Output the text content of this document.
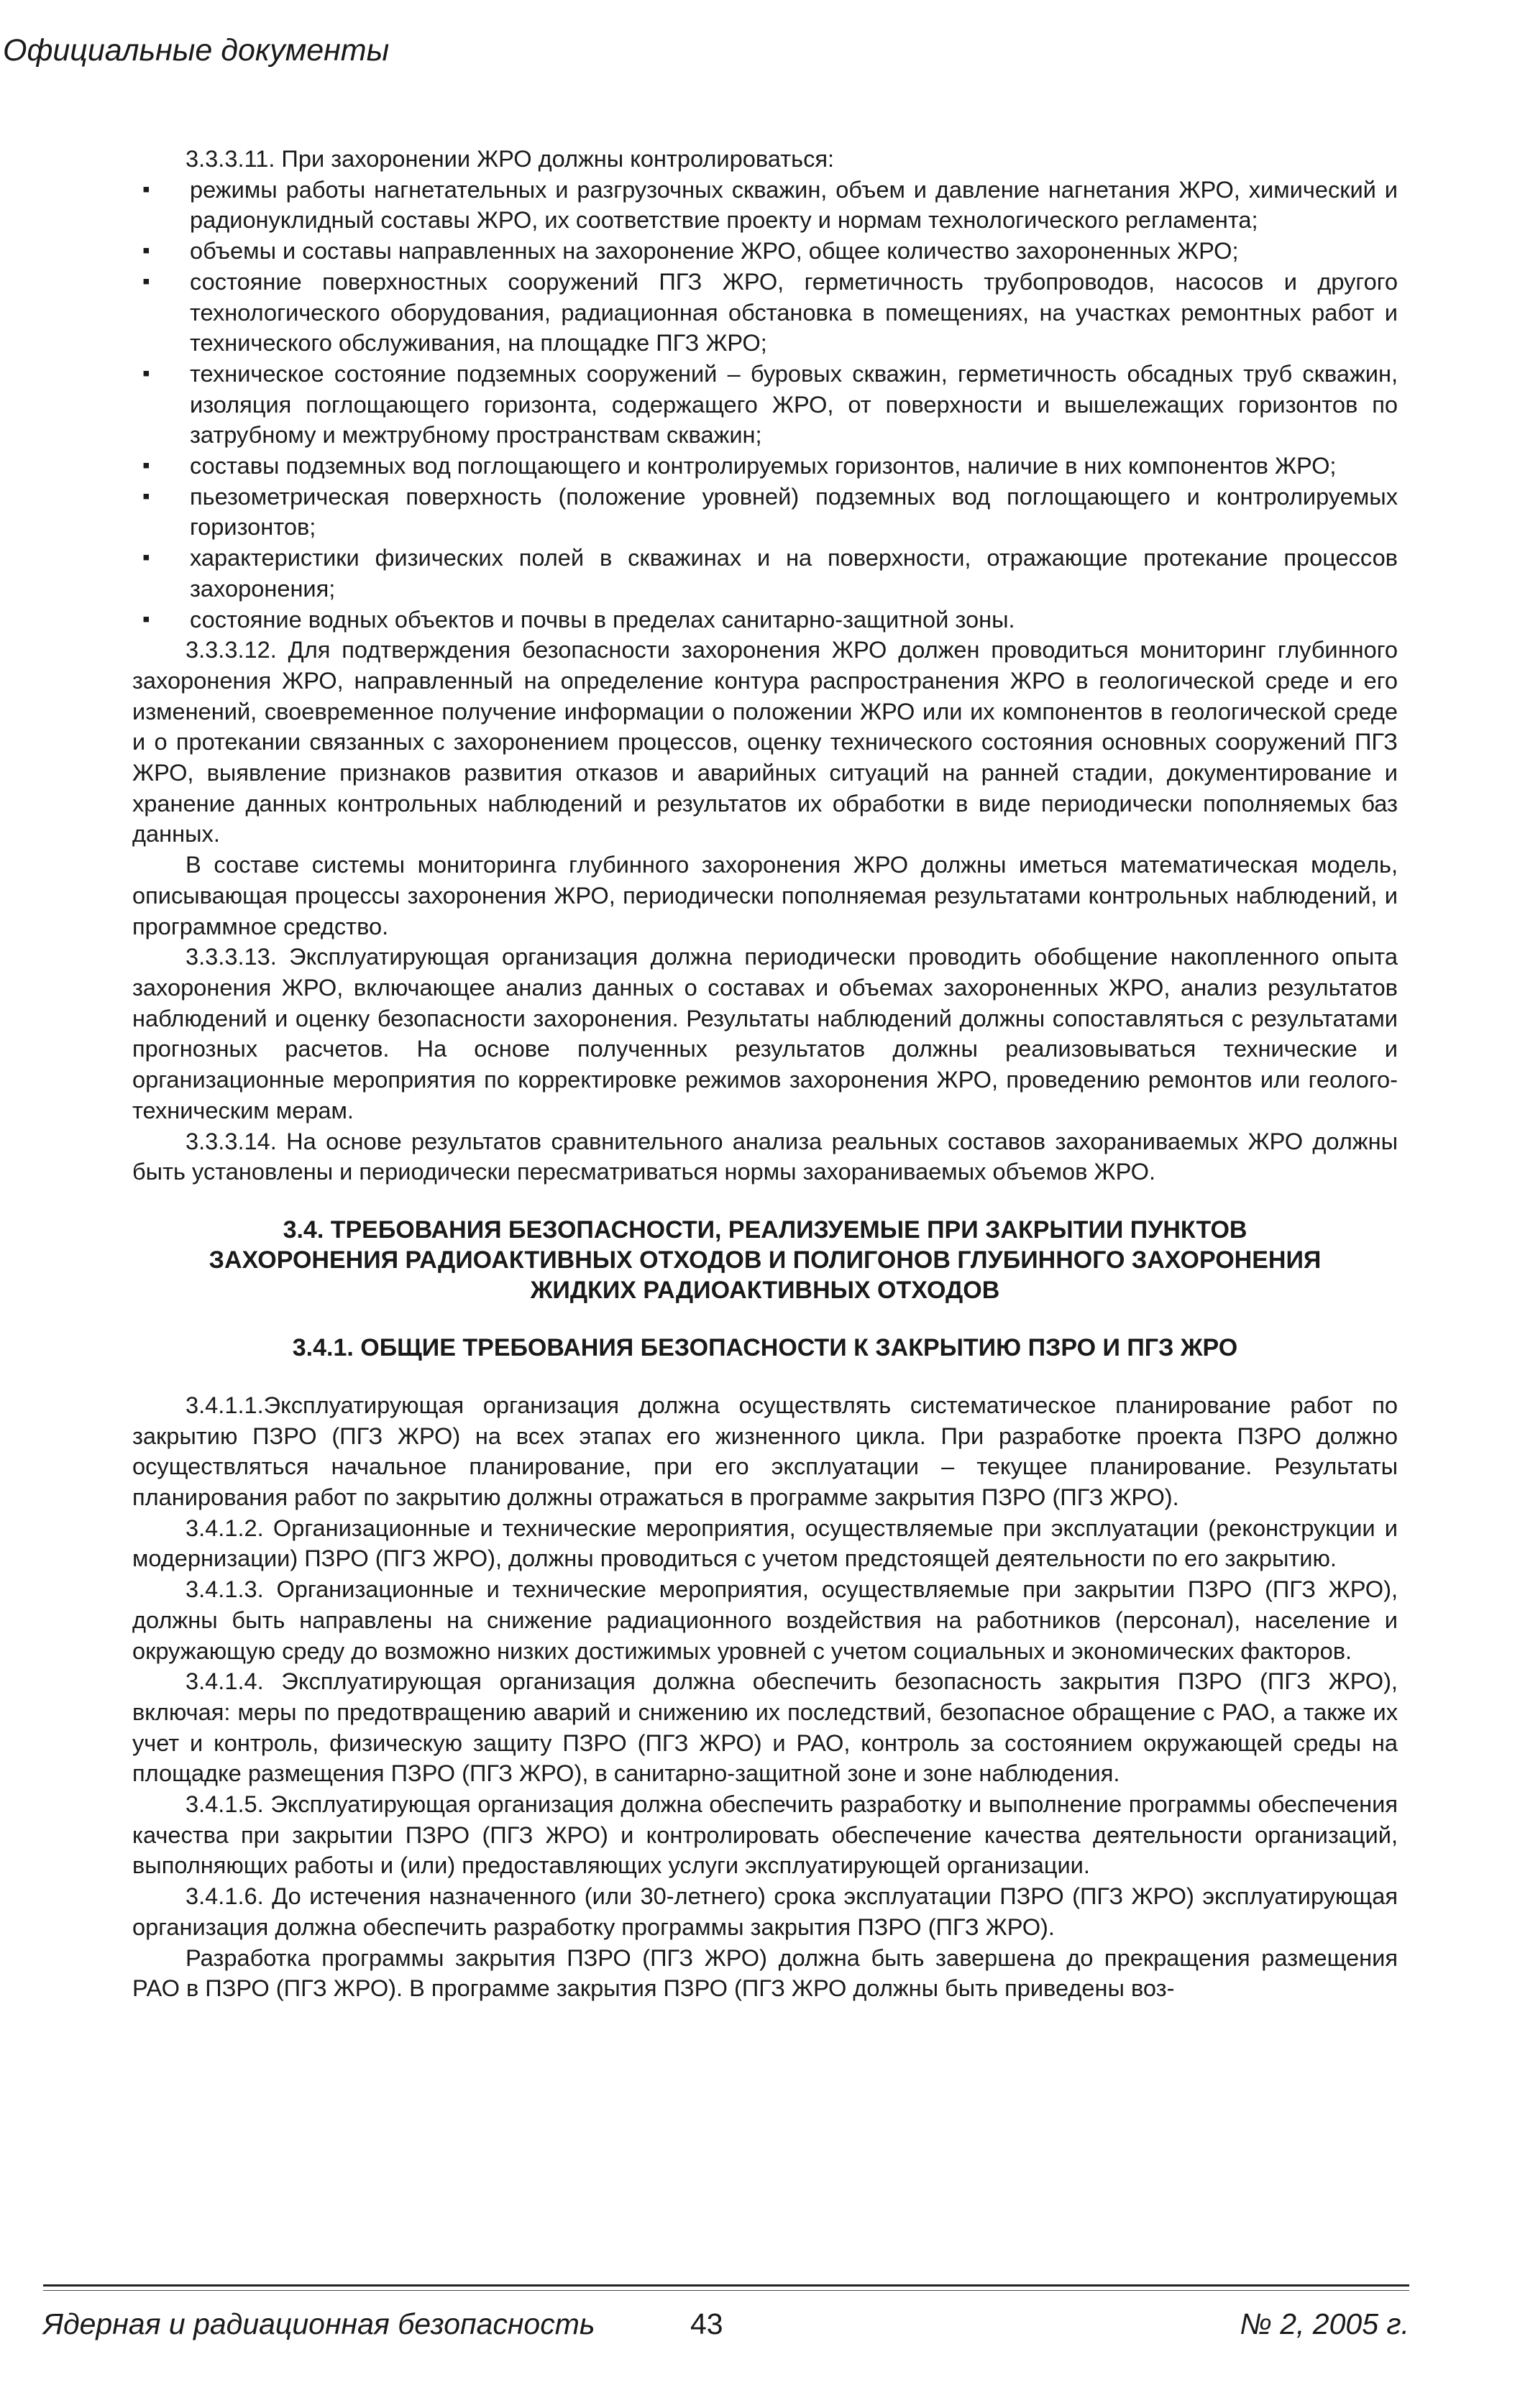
Официальные документы

3.3.3.11. При захоронении ЖРО должны контролироваться:

▪ режимы работы нагнетательных и разгрузочных скважин, объем и давление нагнетания ЖРО, химический и радионуклидный составы ЖРО, их соответствие проекту и нормам технологического регламента;
▪ объемы и составы направленных на захоронение ЖРО, общее количество захороненных ЖРО;
▪ состояние поверхностных сооружений ПГЗ ЖРО, герметичность трубопроводов, насосов и другого технологического оборудования, радиационная обстановка в помещениях, на участках ремонтных работ и технического обслуживания, на площадке ПГЗ ЖРО;
▪ техническое состояние подземных сооружений – буровых скважин, герметичность обсадных труб скважин, изоляция поглощающего горизонта, содержащего ЖРО, от поверхности и вышележащих горизонтов по затрубному и межтрубному пространствам скважин;
▪ составы подземных вод поглощающего и контролируемых горизонтов, наличие в них компонентов ЖРО;
▪ пьезометрическая поверхность (положение уровней) подземных вод поглощающего и контролируемых горизонтов;
▪ характеристики физических полей в скважинах и на поверхности, отражающие протекание процессов захоронения;
▪ состояние водных объектов и почвы в пределах санитарно-защитной зоны.

3.3.3.12. Для подтверждения безопасности захоронения ЖРО должен проводиться мониторинг глубинного захоронения ЖРО, направленный на определение контура распространения ЖРО в геологической среде и его изменений, своевременное получение информации о положении ЖРО или их компонентов в геологической среде и о протекании связанных с захоронением процессов, оценку технического состояния основных сооружений ПГЗ ЖРО, выявление признаков развития отказов и аварийных ситуаций на ранней стадии, документирование и хранение данных контрольных наблюдений и результатов их обработки в виде периодически пополняемых баз данных.

В составе системы мониторинга глубинного захоронения ЖРО должны иметься математическая модель, описывающая процессы захоронения ЖРО, периодически пополняемая результатами контрольных наблюдений, и программное средство.

3.3.3.13. Эксплуатирующая организация должна периодически проводить обобщение накопленного опыта захоронения ЖРО, включающее анализ данных о составах и объемах захороненных ЖРО, анализ результатов наблюдений и оценку безопасности захоронения. Результаты наблюдений должны сопоставляться с результатами прогнозных расчетов. На основе полученных результатов должны реализовываться технические и организационные мероприятия по корректировке режимов захоронения ЖРО, проведению ремонтов или геолого-техническим мерам.

3.3.3.14. На основе результатов сравнительного анализа реальных составов захораниваемых ЖРО должны быть установлены и периодически пересматриваться нормы захораниваемых объемов ЖРО.

3.4. ТРЕБОВАНИЯ БЕЗОПАСНОСТИ, РЕАЛИЗУЕМЫЕ ПРИ ЗАКРЫТИИ ПУНКТОВ
ЗАХОРОНЕНИЯ РАДИОАКТИВНЫХ ОТХОДОВ И ПОЛИГОНОВ ГЛУБИННОГО ЗАХОРОНЕНИЯ
ЖИДКИХ РАДИОАКТИВНЫХ ОТХОДОВ
3.4.1. ОБЩИЕ ТРЕБОВАНИЯ БЕЗОПАСНОСТИ К ЗАКРЫТИЮ ПЗРО И ПГЗ ЖРО

3.4.1.1.Эксплуатирующая организация должна осуществлять систематическое планирование работ по закрытию ПЗРО (ПГЗ ЖРО) на всех этапах его жизненного цикла. При разработке проекта ПЗРО должно осуществляться начальное планирование, при его эксплуатации – текущее планирование. Результаты планирования работ по закрытию должны отражаться в программе закрытия ПЗРО (ПГЗ ЖРО).

3.4.1.2. Организационные и технические мероприятия, осуществляемые при эксплуатации (реконструкции и модернизации) ПЗРО (ПГЗ ЖРО), должны проводиться с учетом предстоящей деятельности по его закрытию.

3.4.1.3. Организационные и технические мероприятия, осуществляемые при закрытии ПЗРО (ПГЗ ЖРО), должны быть направлены на снижение радиационного воздействия на работников (персонал), население и окружающую среду до возможно низких достижимых уровней с учетом социальных и экономических факторов.

3.4.1.4. Эксплуатирующая организация должна обеспечить безопасность закрытия ПЗРО (ПГЗ ЖРО), включая: меры по предотвращению аварий и снижению их последствий, безопасное обращение с РАО, а также их учет и контроль, физическую защиту ПЗРО (ПГЗ ЖРО) и РАО, контроль за состоянием окружающей среды на площадке размещения ПЗРО (ПГЗ ЖРО), в санитарно-защитной зоне и зоне наблюдения.

3.4.1.5. Эксплуатирующая организация должна обеспечить разработку и выполнение программы обеспечения качества при закрытии ПЗРО (ПГЗ ЖРО) и контролировать обеспечение качества деятельности организаций, выполняющих работы и (или) предоставляющих услуги эксплуатирующей организации.

3.4.1.6. До истечения назначенного (или 30-летнего) срока эксплуатации ПЗРО (ПГЗ ЖРО) эксплуатирующая организация должна обеспечить разработку программы закрытия ПЗРО (ПГЗ ЖРО).

Разработка программы закрытия ПЗРО (ПГЗ ЖРО) должна быть завершена до прекращения размещения РАО в ПЗРО (ПГЗ ЖРО). В программе закрытия ПЗРО (ПГЗ ЖРО должны быть приведены воз-

Ядерная и радиационная безопасность	43	№ 2, 2005 г.
